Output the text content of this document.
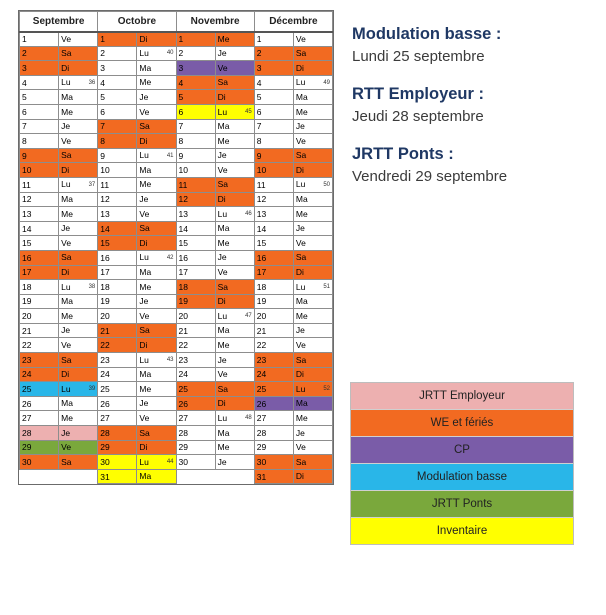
Septembre		Octobre		Novembre		Décembre	
1	Ve	1	Di	1	Me	1	Ve

2	Sa	2	Lu 40	2	Je	2	Sa

3	Di	3	Ma	3	Ve	3	Di

4	Lu 36	4	Me	4	Sa	4	Lu 49

5	Ma	5	Je	5	Di	5	Ma

6	Me	6	Ve	6	Lu 45	6	Me

7	Je	7	Sa	7	Ma	7	Je

8	Ve	8	Di	8	Me	8	Ve

9	Sa	9	Lu 41	9	Je	9	Sa

10	Di	10	Ma	10	Ve	10	Di

11	Lu 37	11	Me	11	Sa	11	Lu 50

12	Ma	12	Je	12	Di	12	Ma

13	Me	13	Ve	13	Lu 46	13	Me

14	Je	14	Sa	14	Ma	14	Je

15	Ve	15	Di	15	Me	15	Ve

16	Sa	16	Lu 42	16	Je	16	Sa

17	Di	17	Ma	17	Ve	17	Di

18	Lu 38	18	Me	18	Sa	18	Lu 51

19	Ma	19	Je	19	Di	19	Ma

20	Me	20	Ve	20	Lu 47	20	Me

21	Je	21	Sa	21	Ma	21	Je

22	Ve	22	Di	22	Me	22	Ve

23	Sa	23	Lu 43	23	Je	23	Sa

24	Di	24	Ma	24	Ve	24	Di

25	Lu 39	25	Me	25	Sa	25	Lu 52

26	Ma	26	Je	26	Di	26	Ma

27	Me	27	Ve	27	Lu 48	27	Me

28	Je	28	Sa	28	Ma	28	Je

29	Ve	29	Di	29	Me	29	Ve

30	Sa	30	Lu 44	30	Je	30	Sa

		31	Ma			31	Di
Modulation basse :
Lundi 25 septembre
RTT Employeur :
Jeudi 28 septembre
JRTT Ponts :
Vendredi 29 septembre
JRTT Employeur
WE et fériés
CP
Modulation basse
JRTT Ponts
Inventaire
